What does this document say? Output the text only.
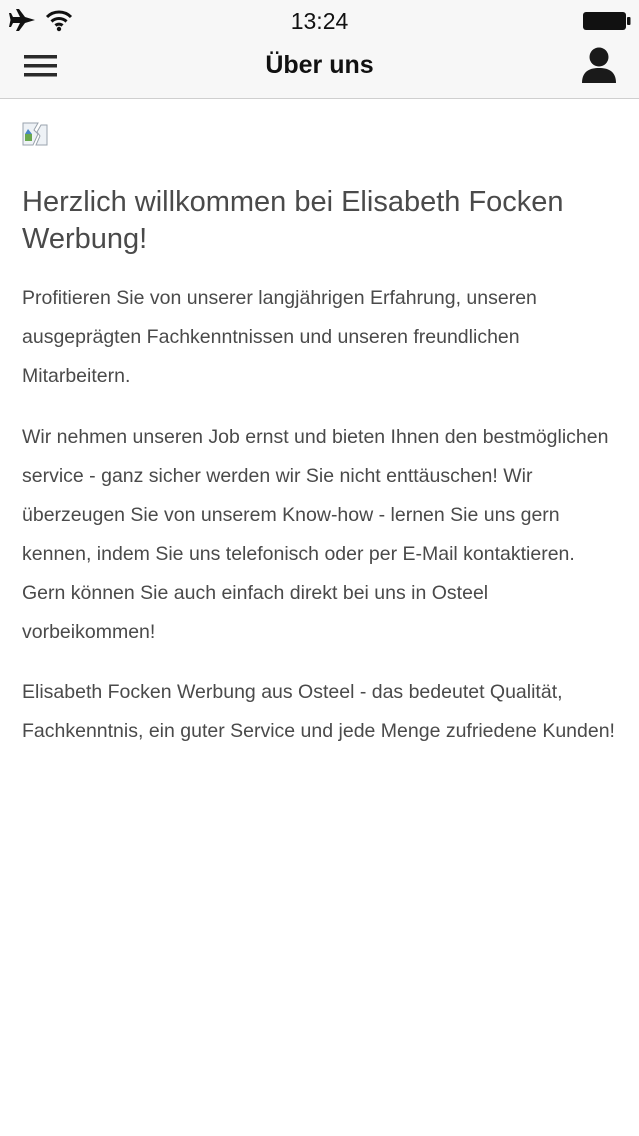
13:24
Über uns
Herzlich willkommen bei Elisabeth Focken Werbung!

Profitieren Sie von unserer langjährigen Erfahrung, unseren ausgeprägten Fachkenntnissen und unseren freundlichen Mitarbeitern.

Wir nehmen unseren Job ernst und bieten Ihnen den bestmöglichen service - ganz sicher werden wir Sie nicht enttäuschen! Wir überzeugen Sie von unserem Know-how - lernen Sie uns gern kennen, indem Sie uns telefonisch oder per E-Mail kontaktieren. Gern können Sie auch einfach direkt bei uns in Osteel vorbeikommen!

Elisabeth Focken Werbung aus Osteel - das bedeutet Qualität, Fachkenntnis, ein guter Service und jede Menge zufriedene Kunden!
